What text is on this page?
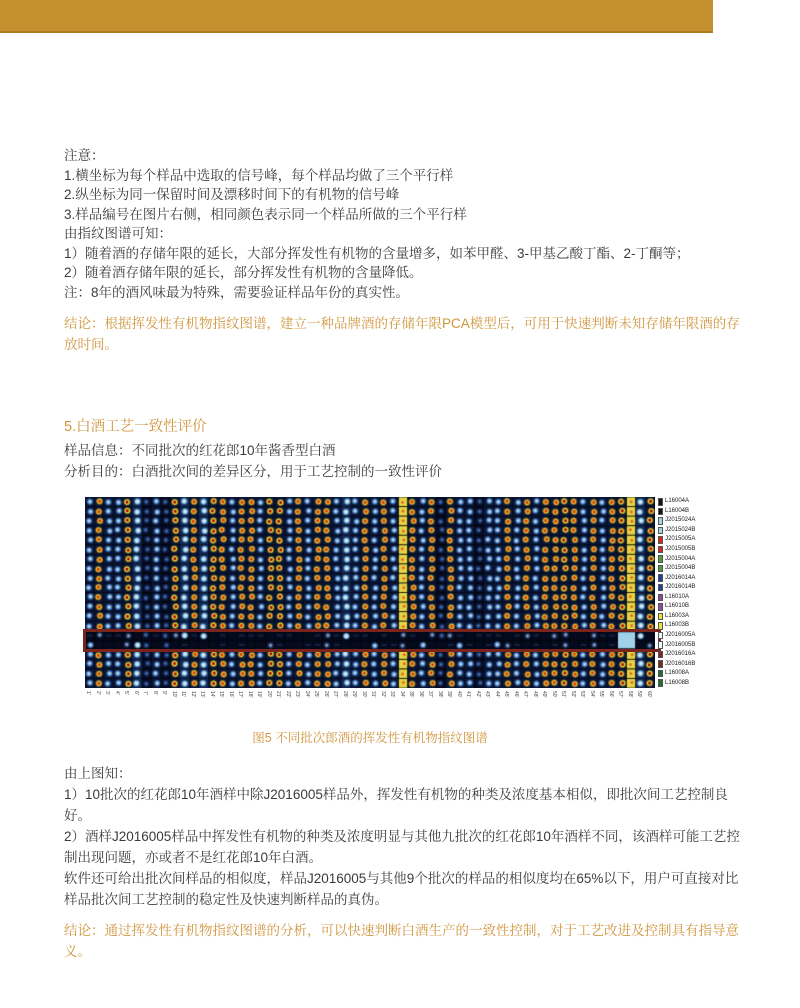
注意：
1.横坐标为每个样品中选取的信号峰，每个样品均做了三个平行样
2.纵坐标为同一保留时间及漂移时间下的有机物的信号峰
3.样品编号在图片右侧，相同颜色表示同一个样品所做的三个平行样
由指纹图谱可知：
1）随着酒的存储年限的延长，大部分挥发性有机物的含量增多，如苯甲醛、3-甲基乙酸丁酯、2-丁酮等；
2）随着酒存储年限的延长，部分挥发性有机物的含量降低。
注：8年的酒风味最为特殊，需要验证样品年份的真实性。
结论：根据挥发性有机物指纹图谱，建立一种品牌酒的存储年限PCA模型后，可用于快速判断未知存储年限酒的存放时间。
5.白酒工艺一致性评价
样品信息：不同批次的红花郎10年酱香型白酒
分析目的：白酒批次间的差异区分，用于工艺控制的一致性评价
L16004A
L16004B
J2015024A
J2015024B
J2015005A
J2015005B
J2015004A
J2015004B
J2016014A
J2016014B
L16010A
L16010B
L16003A
L16003B
J2016005A
J2016005B
J2016016A
J2016016B
L16008A
L16008B
1' 2' 3' 4' 5' 6' 7' 8' 9' 10' 11' 12' 13' 14' 15' 16' 17' 18' 19' 20' 21' 22' 23' 24' 25' 26' 27' 28' 29' 30' 31' 32' 33' 34' 35' 36' 37' 38' 39' 40' 41' 42' 43' 44' 45' 46' 47' 48' 49' 50' 51' 52' 53' 54' 55' 56' 57' 58' 59' 60'
图5 不同批次郎酒的挥发性有机物指纹图谱
由上图知：
1）10批次的红花郎10年酒样中除J2016005样品外，挥发性有机物的种类及浓度基本相似，即批次间工艺控制良好。
2）酒样J2016005样品中挥发性有机物的种类及浓度明显与其他九批次的红花郎10年酒样不同，该酒样可能工艺控制出现问题，亦或者不是红花郎10年白酒。
软件还可给出批次间样品的相似度，样品J2016005与其他9个批次的样品的相似度均在65%以下，用户可直接对比样品批次间工艺控制的稳定性及快速判断样品的真伪。
结论：通过挥发性有机物指纹图谱的分析，可以快速判断白酒生产的一致性控制，对于工艺改进及控制具有指导意义。
